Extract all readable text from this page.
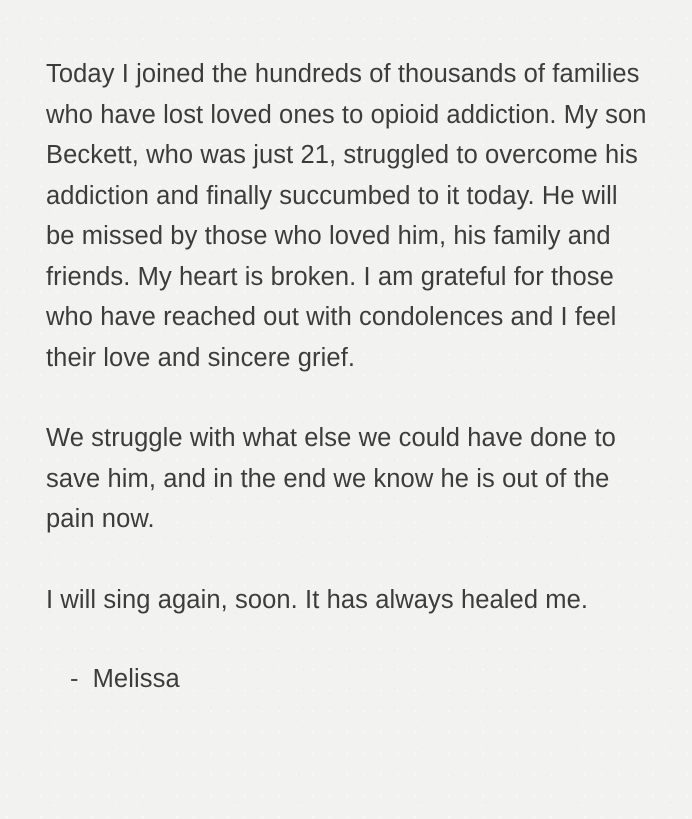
Today I joined the hundreds of thousands of families who have lost loved ones to opioid addiction. My son Beckett, who was just 21, struggled to overcome his addiction and finally succumbed to it today. He will be missed by those who loved him, his family and friends. My heart is broken. I am grateful for those who have reached out with condolences and I feel their love and sincere grief.

We struggle with what else we could have done to save him, and in the end we know he is out of the pain now.

I will sing again, soon. It has always healed me.

- Melissa
